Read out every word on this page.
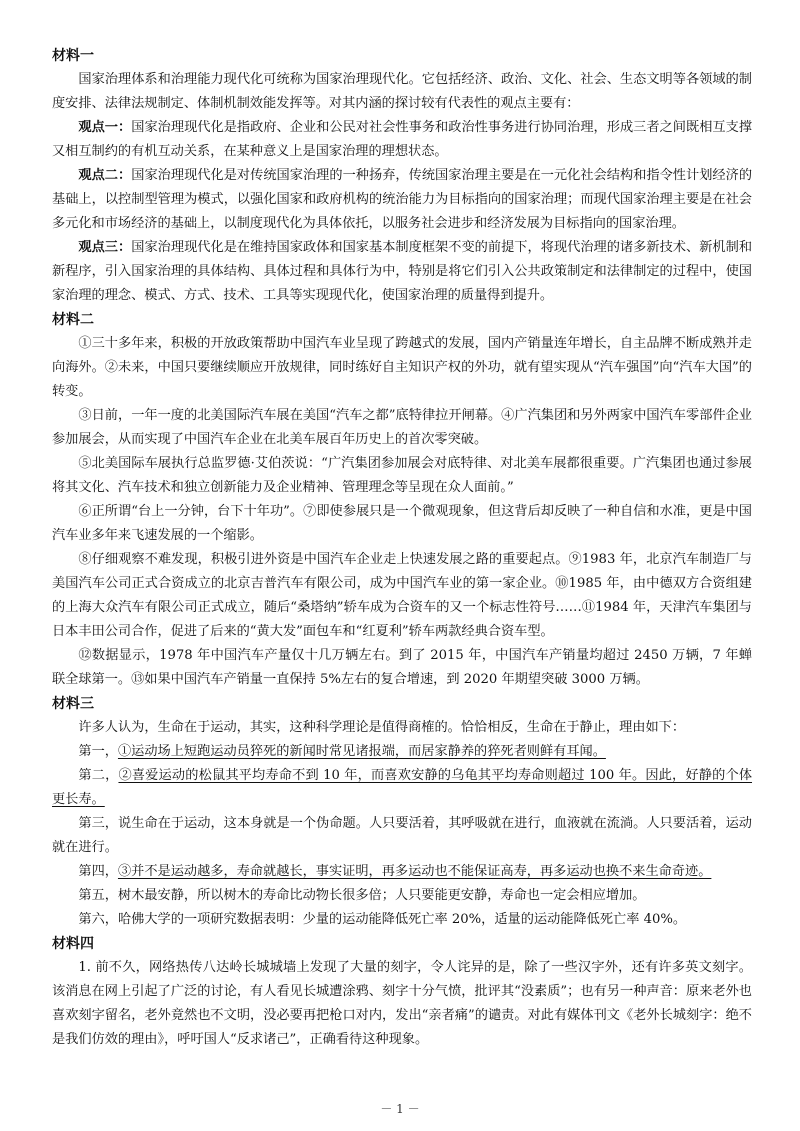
材料一

国家治理体系和治理能力现代化可统称为国家治理现代化。它包括经济、政治、文化、社会、生态文明等各领域的制度安排、法律法规制定、体制机制效能发挥等。对其内涵的探讨较有代表性的观点主要有：

观点一：国家治理现代化是指政府、企业和公民对社会性事务和政治性事务进行协同治理，形成三者之间既相互支撑又相互制约的有机互动关系，在某种意义上是国家治理的理想状态。

观点二：国家治理现代化是对传统国家治理的一种扬弃，传统国家治理主要是在一元化社会结构和指令性计划经济的基础上，以控制型管理为模式，以强化国家和政府机构的统治能力为目标指向的国家治理；而现代国家治理主要是在社会多元化和市场经济的基础上，以制度现代化为具体依托，以服务社会进步和经济发展为目标指向的国家治理。

观点三：国家治理现代化是在维持国家政体和国家基本制度框架不变的前提下，将现代治理的诸多新技术、新机制和新程序，引入国家治理的具体结构、具体过程和具体行为中，特别是将它们引入公共政策制定和法律制定的过程中，使国家治理的理念、模式、方式、技术、工具等实现现代化，使国家治理的质量得到提升。

材料二

①三十多年来，积极的开放政策帮助中国汽车业呈现了跨越式的发展，国内产销量连年增长，自主品牌不断成熟并走向海外。②未来，中国只要继续顺应开放规律，同时练好自主知识产权的外功，就有望实现从“汽车强国”向“汽车大国”的转变。

③日前，一年一度的北美国际汽车展在美国“汽车之都”底特律拉开闸幕。④广汽集团和另外两家中国汽车零部件企业参加展会，从而实现了中国汽车企业在北美车展百年历史上的首次零突破。

⑤北美国际车展执行总监罗德·艾伯茨说：“广汽集团参加展会对底特律、对北美车展都很重要。广汽集团也通过参展将其文化、汽车技术和独立创新能力及企业精神、管理理念等呈现在众人面前。”

⑥正所谓“台上一分钟，台下十年功”。⑦即使参展只是一个微观现象，但这背后却反映了一种自信和水准，更是中国汽车业多年来飞速发展的一个缩影。

⑧仔细观察不难发现，积极引进外资是中国汽车企业走上快速发展之路的重要起点。⑨1983 年，北京汽车制造厂与美国汽车公司正式合资成立的北京吉普汽车有限公司，成为中国汽车业的第一家企业。⑩1985 年，由中德双方合资组建的上海大众汽车有限公司正式成立，随后“桑塔纳”轿车成为合资车的又一个标志性符号……⑪1984 年，天津汽车集团与日本丰田公司合作，促进了后来的“黄大发”面包车和“红夏利”轿车两款经典合资车型。

⑫数据显示，1978 年中国汽车产量仅十几万辆左右。到了 2015 年，中国汽车产销量均超过 2450 万辆，7 年蝉联全球第一。⑬如果中国汽车产销量一直保持 5%左右的复合增速，到 2020 年期望突破 3000 万辆。

材料三

许多人认为，生命在于运动，其实，这种科学理论是值得商榷的。恰恰相反，生命在于静止，理由如下：

第一，①运动场上短跑运动员猝死的新闻时常见诸报端，而居家静养的猝死者则鲜有耳闻。

第二，②喜爱运动的松鼠其平均寿命不到 10 年，而喜欢安静的乌龟其平均寿命则超过 100 年。因此，好静的个体更长寿。

第三，说生命在于运动，这本身就是一个伪命题。人只要活着，其呼吸就在进行，血液就在流淌。人只要活着，运动就在进行。

第四，③并不是运动越多，寿命就越长，事实证明，再多运动也不能保证高寿，再多运动也换不来生命奇迹。

第五，树木最安静，所以树木的寿命比动物长很多倍；人只要能更安静，寿命也一定会相应增加。

第六，哈佛大学的一项研究数据表明：少量的运动能降低死亡率 20%，适量的运动能降低死亡率 40%。

材料四

1. 前不久，网络热传八达岭长城城墙上发现了大量的刻字，令人诧异的是，除了一些汉字外，还有许多英文刻字。该消息在网上引起了广泛的讨论，有人看见长城遭涂鸦、刻字十分气愤，批评其“没素质”；也有另一种声音：原来老外也喜欢刻字留名，老外竟然也不文明，没必要再把枪口对内，发出“亲者痛”的谴责。对此有媒体刊文《老外长城刻字：绝不是我们仿效的理由》，呼吁国人“反求诸己”，正确看待这种现象。

－ 1 －
